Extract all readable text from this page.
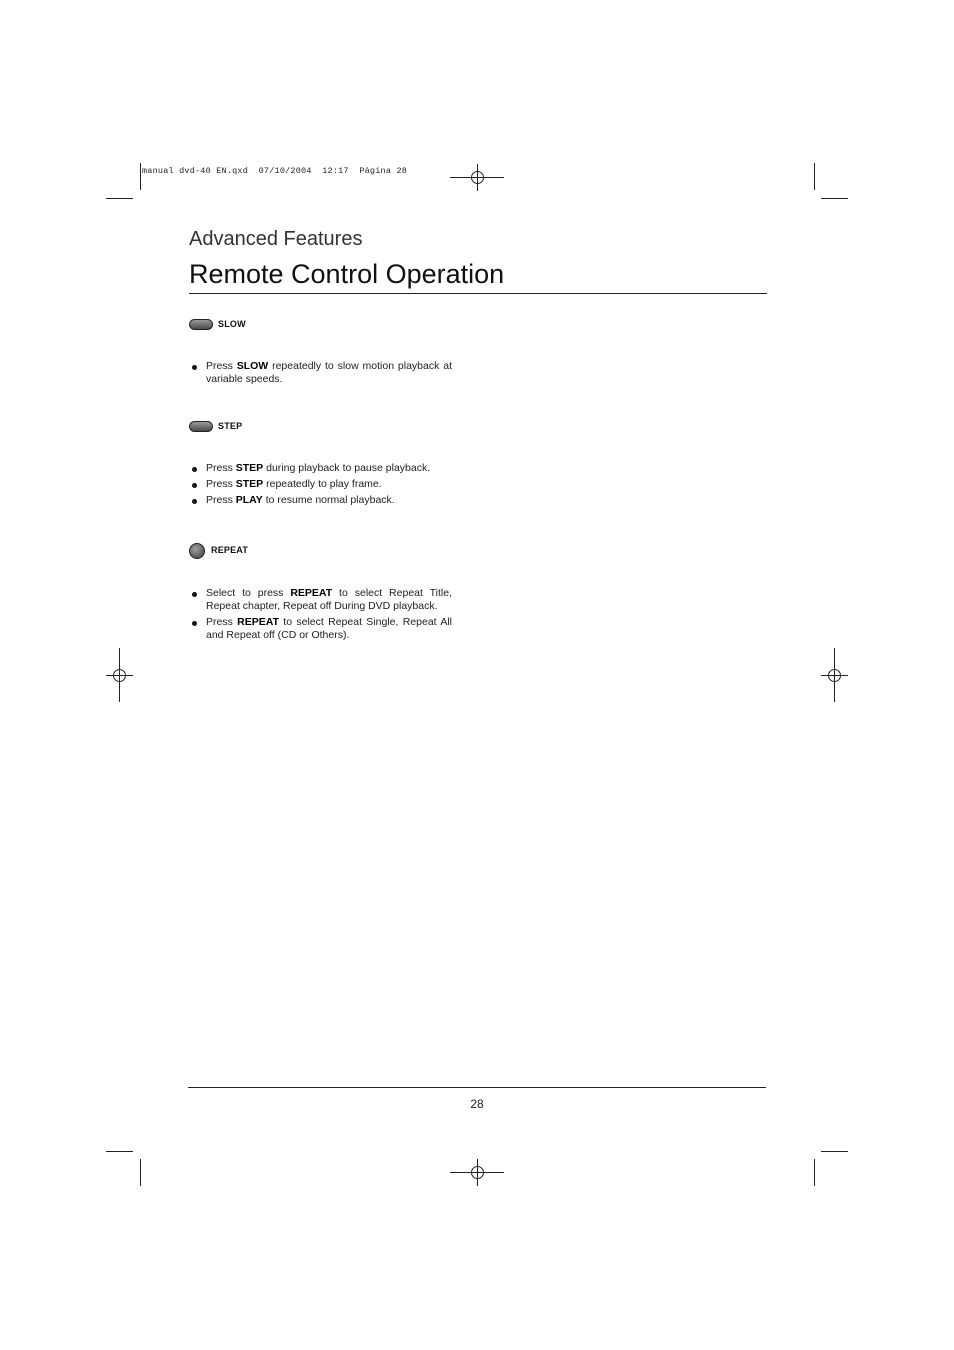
manual dvd-40 EN.qxd  07/10/2004  12:17  Página 28
Advanced Features
Remote Control Operation
SLOW
Press SLOW repeatedly to slow motion playback at variable speeds.
STEP
Press STEP during playback to pause playback.
Press STEP repeatedly to play frame.
Press PLAY to resume normal playback.
REPEAT
Select to press REPEAT to select Repeat Title, Repeat chapter, Repeat off During DVD playback.
Press REPEAT to select Repeat Single, Repeat All and Repeat off (CD or Others).
28
